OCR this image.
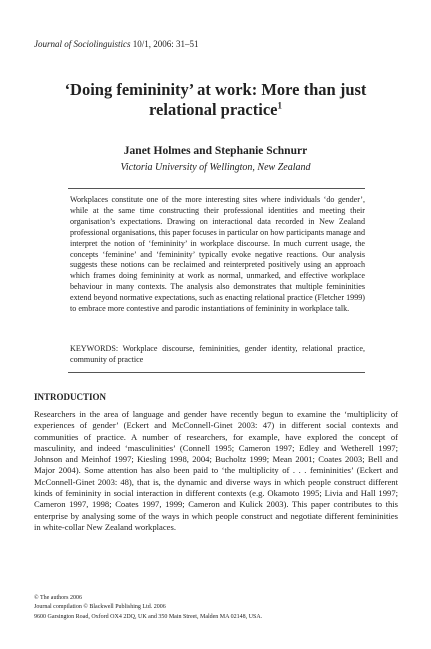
Journal of Sociolinguistics 10/1, 2006: 31–51
‘Doing femininity’ at work: More than just relational practice$^1$
Janet Holmes and Stephanie Schnurr
Victoria University of Wellington, New Zealand
Workplaces constitute one of the more interesting sites where individuals ‘do gender’, while at the same time constructing their professional identities and meeting their organisation’s expectations. Drawing on interactional data recorded in New Zealand professional organisations, this paper focuses in particular on how participants manage and interpret the notion of ‘femininity’ in workplace discourse. In much current usage, the concepts ‘feminine’ and ‘femininity’ typically evoke negative reactions. Our analysis suggests these notions can be reclaimed and reinterpreted positively using an approach which frames doing femininity at work as normal, unmarked, and effective workplace behaviour in many contexts. The analysis also demonstrates that multiple femininities extend beyond normative expectations, such as enacting relational practice (Fletcher 1999) to embrace more contestive and parodic instantiations of femininity in workplace talk.
KEYWORDS: Workplace discourse, femininities, gender identity, relational practice, community of practice
INTRODUCTION
Researchers in the area of language and gender have recently begun to examine the ‘multiplicity of experiences of gender’ (Eckert and McConnell-Ginet 2003: 47) in different social contexts and communities of practice. A number of researchers, for example, have explored the concept of masculinity, and indeed ‘masculinities’ (Connell 1995; Cameron 1997; Edley and Wetherell 1997; Johnson and Meinhof 1997; Kiesling 1998, 2004; Bucholtz 1999; Mean 2001; Coates 2003; Bell and Major 2004). Some attention has also been paid to ‘the multiplicity of . . . femininities’ (Eckert and McConnell-Ginet 2003: 48), that is, the dynamic and diverse ways in which people construct different kinds of femininity in social interaction in different contexts (e.g. Okamoto 1995; Livia and Hall 1997; Cameron 1997, 1998; Coates 1997, 1999; Cameron and Kulick 2003). This paper contributes to this enterprise by analysing some of the ways in which people construct and negotiate different femininities in white-collar New Zealand workplaces.
© The authors 2006
Journal compilation © Blackwell Publishing Ltd. 2006
9600 Garsington Road, Oxford OX4 2DQ, UK and 350 Main Street, Malden MA 02148, USA.
